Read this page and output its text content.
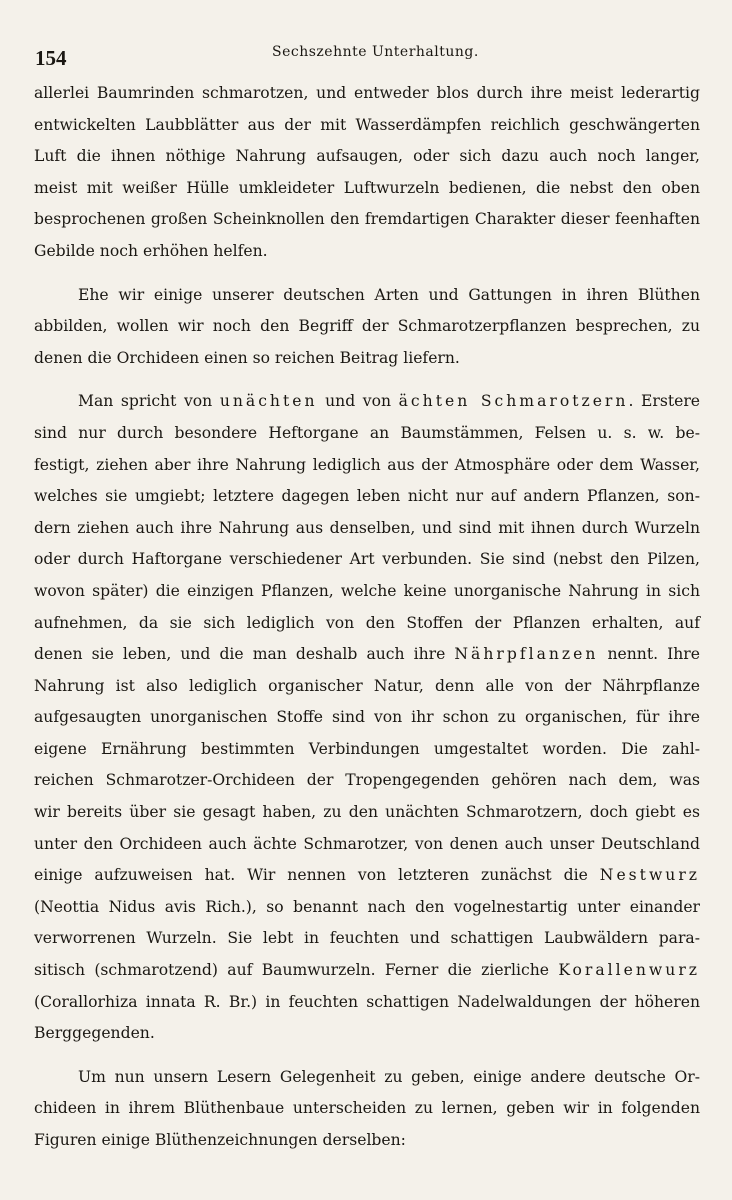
154	Sechszehnte Unterhaltung.
allerlei Baumrinden schmarotzen, und entweder blos durch ihre meist lederartig
entwickelten Laubblätter aus der mit Wasserdämpfen reichlich geschwängerten
Luft die ihnen nöthige Nahrung aufsaugen, oder sich dazu auch noch langer,
meist mit weißer Hülle umkleideter Luftwurzeln bedienen, die nebst den oben
besprochenen großen Scheinknollen den fremdartigen Charakter dieser feenhaften
Gebilde noch erhöhen helfen.
Ehe wir einige unserer deutschen Arten und Gattungen in ihren Blüthen
abbilden, wollen wir noch den Begriff der Schmarotzerpflanzen besprechen, zu
denen die Orchideen einen so reichen Beitrag liefern.
Man spricht von unächten und von ächten Schmarotzern. Erstere
sind nur durch besondere Heftorgane an Baumstämmen, Felsen u. s. w. be-
festigt, ziehen aber ihre Nahrung lediglich aus der Atmosphäre oder dem Wasser,
welches sie umgiebt; letztere dagegen leben nicht nur auf andern Pflanzen, son-
dern ziehen auch ihre Nahrung aus denselben, und sind mit ihnen durch Wurzeln
oder durch Haftorgane verschiedener Art verbunden. Sie sind (nebst den Pilzen,
wovon später) die einzigen Pflanzen, welche keine unorganische Nahrung in sich
aufnehmen, da sie sich lediglich von den Stoffen der Pflanzen erhalten, auf
denen sie leben, und die man deshalb auch ihre Nährpflanzen nennt. Ihre
Nahrung ist also lediglich organischer Natur, denn alle von der Nährpflanze
aufgesaugten unorganischen Stoffe sind von ihr schon zu organischen, für ihre
eigene Ernährung bestimmten Verbindungen umgestaltet worden. Die zahl-
reichen Schmarotzer-Orchideen der Tropengegenden gehören nach dem, was
wir bereits über sie gesagt haben, zu den unächten Schmarotzern, doch giebt es
unter den Orchideen auch ächte Schmarotzer, von denen auch unser Deutschland
einige aufzuweisen hat. Wir nennen von letzteren zunächst die Nestwurz
(Neottia Nidus avis Rich.), so benannt nach den vogelnestartig unter einander
verworrenen Wurzeln. Sie lebt in feuchten und schattigen Laubwäldern para-
sitisch (schmarotzend) auf Baumwurzeln. Ferner die zierliche Korallenwurz
(Corallorhiza innata R. Br.) in feuchten schattigen Nadelwaldungen der höheren
Berggegenden.
Um nun unsern Lesern Gelegenheit zu geben, einige andere deutsche Or-
chideen in ihrem Blüthenbaue unterscheiden zu lernen, geben wir in folgenden
Figuren einige Blüthenzeichnungen derselben:
